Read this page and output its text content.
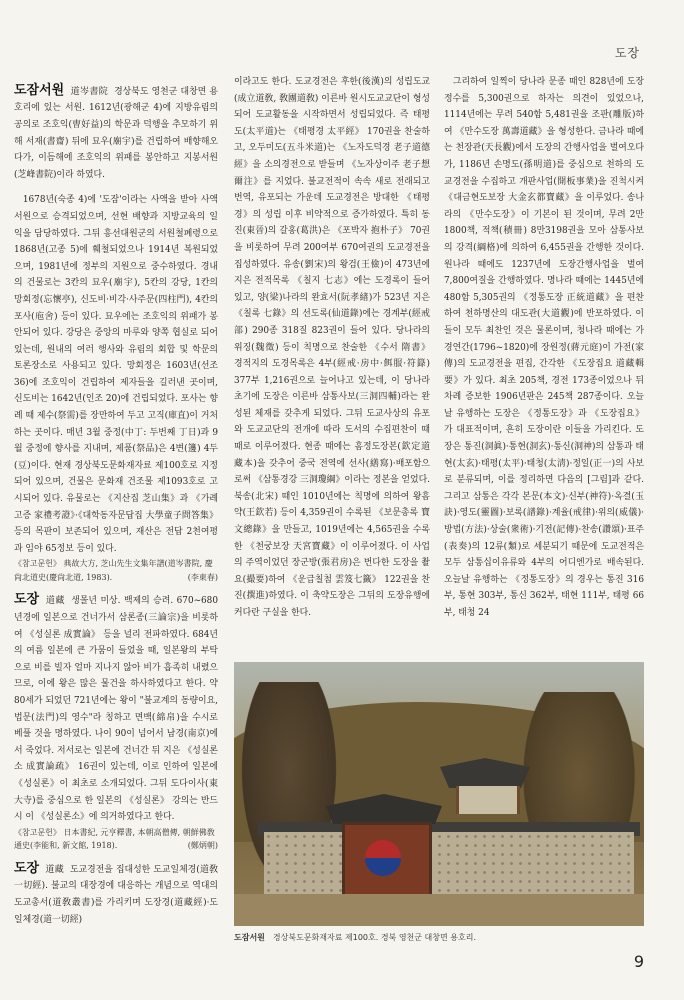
도장

도잠서원 道岑書院 경상북도 영천군 대창면 용호리에 있는 서원. 1612년(광해군 4)에 지방유림의 공의로 조호익(曺好益)의 학문과 덕행을 추모하기 위해 서재(書齋) 뒤에 묘우(廟宇)를 건립하여 배향해오다가, 이듬해에 조호익의 위패를 봉안하고 지봉서원(芝峰書院)이라 하였다.

1678년(숙종 4)에 '도잠'이라는 사액을 받아 사액서원으로 승격되었으며, 선현 배향과 지방교육의 일익을 담당하였다. 그뒤 흥선대원군의 서원철폐령으로 1868년(고종 5)에 훼철되었으나 1914년 복원되었으며, 1981년에 정부의 지원으로 중수하였다. 경내의 건물로는 3칸의 묘우(廟宇), 5칸의 강당, 1칸의 망회정(忘懷亭), 신도비·비각·사주문(四柱門), 4칸의 포사(庖舍) 등이 있다. 묘우에는 조호익의 위패가 봉안되어 있다. 강당은 중앙의 마루와 양쪽 협실로 되어 있는데, 원내의 여러 행사와 유림의 회합 및 학문의 토론장소로 사용되고 있다. 망회정은 1603년(선조 36)에 조호익이 건립하여 제자들을 길러낸 곳이며, 신도비는 1642년(인조 20)에 건립되었다. 포사는 향례 때 제수(祭需)를 장만하여 두고 고직(庫直)이 거처하는 곳이다. 매년 3월 중정(中丁: 두번째 丁日)과 9월 중정에 향사를 지내며, 제품(祭品)은 4변(籩) 4두(豆)이다. 현재 경상북도문화재자료 제100호로 지정되어 있으며, 건물은 문화재 건조물 제1093호로 고시되어 있다. 유물로는 《지산집 芝山集》과 《가례고증 家禮考證》·《대학동자문답집 大學童子問答集》 등의 목판이 보존되어 있으며, 재산은 전답 2천여평과 임야 65정보 등이 있다.

《참고문헌》 典故大方, 芝山先生文集年譜(道岑書院, 慶尙北道史(慶尙北道, 1983).	(李東春)

도장 道藏 생몰년 미상. 백제의 승려. 670~680년경에 일본으로 건너가서 삼론종(三論宗)을 비롯하여 《성실론 成實論》 등을 널리 전파하였다. 684년의 여름 일본에 큰 가뭄이 들었을 때, 일본왕의 부탁으로 비를 빌자 얼마 지나지 않아 비가 흡족히 내렸으므로, 이에 왕은 많은 물건을 하사하였다고 한다. 약 80세가 되었던 721년에는 왕이 "불교계의 동량이요, 법문(法門)의 영수"라 칭하고 면백(綿帛)을 수시로 베풀 것을 명하였다. 나이 90이 넘어서 남경(南京)에서 죽었다. 저서로는 일본에 건너간 뒤 지은 《성실론소 成實論疏》 16권이 있는데, 이로 인하여 일본에 《성실론》이 최초로 소개되었다. 그뒤 도다이사(東大寺)를 중심으로 한 일본의 《성실론》 강의는 반드시 이 《성실론소》에 의거하였다고 한다.

《참고문헌》 日本書紀, 元亨釋書, 本朝高僧傳, 朝鮮佛敎通史(李能和, 新文館, 1918).	(鄭炳朝)

도장 道藏 도교경전을 집대성한 도교일체경(道敎一切經). 불교의 대장경에 대응하는 개념으로 역대의 도교총서(道敎叢書)를 가리키며 도장경(道藏經)·도일체경(道一切經)

이라고도 한다. 도교경전은 후한(後漢)의 성립도교(成立道敎, 敎團道敎) 이른바 원시도교교단이 형성되어 도교활동을 시작하면서 성립되었다. 즉 태평도(太平道)는 《태평경 太平經》 170권을 찬술하고, 오두미도(五斗米道)는 《노자도덕경 老子道德經》을 소의경전으로 받들며 《노자상이주 老子想爾注》를 지었다. 불교전적이 속속 새로 전래되고 번역, 유포되는 가운데 도교경전은 방대한 《태평경》의 성립 이후 비약적으로 증가하였다. 특히 동진(東晉)의 갈홍(葛洪)은 《포박자 抱朴子》 70권을 비롯하여 무려 200여부 670여권의 도교경전을 집성하였다. 유송(劉宋)의 왕검(王儉)이 473년에 지은 전적목록 《칠지 七志》에는 도경록이 들어 있고, 양(梁)나라의 완효서(阮孝緖)가 523년 지은 《칠록 七錄》의 선도록(仙道錄)에는 경계부(經戒部) 290종 318질 823권이 들어 있다. 당나라의 위징(魏徵) 등이 칙명으로 찬술한 《수서 隋書》 경적지의 도경목록은 4부(經戒·房中·餌服·符籙) 377부 1,216권으로 늘어나고 있는데, 이 당나라 초기에 도장은 이른바 삼통사보(三洞四輔)라는 완성된 체재를 갖추게 되었다. 그뒤 도교사상의 유포와 도교교단의 전개에 따라 도서의 수집편찬이 때때로 이루어졌다. 현종 때에는 흠정도장본(欽定道藏本)을 갖추어 중국 전역에 선사(繕寫)·배포함으로써 《삼통경강 三洞瓊綱》이라는 정본을 얻었다. 북송(北宋) 때인 1010년에는 칙명에 의하여 왕흠약(王欽若) 등이 4,359권이 수록된 《보문총록 寶文總錄》을 만들고, 1019년에는 4,565권을 수록한 《천궁보장 天宮寶藏》이 이루어졌다. 이 사업의 주역이었던 장군방(張君房)은 번다한 도장을 촬요(撮要)하여 《운급칠첨 雲笈七籤》 122권을 찬진(撰進)하였다. 이 축약도장은 그뒤의 도장유행에 커다란 구실을 한다.

그리하여 일찍이 당나라 문종 때인 828년에 도장정수를 5,300권으로 하자는 의견이 있었으나, 1114년에는 무려 540함 5,481권을 조판(雕版)하여 《만수도장 萬壽道藏》을 형성한다. 금나라 때에는 천장관(天長觀)에서 도장의 간행사업을 벌여오다가, 1186년 손명도(孫明道)를 중심으로 천하의 도교경전을 수집하고 개판사업(開板事業)을 진척시켜 《대금현도보장 大金玄都寶藏》을 이루었다. 송나라의 《만수도장》이 기본이 된 것이며, 무려 2만1800책, 적책(積冊) 8만3198권을 모아 삼통사보의 강격(綱格)에 의하여 6,455권을 간행한 것이다. 원나라 때에도 1237년에 도장간행사업을 벌여 7,800여질을 간행하였다. 명나라 때에는 1445년에 480함 5,305권의 《정통도장 正統道藏》을 편찬하여 천하명산의 대도관(大道觀)에 반포하였다. 이들이 모두 최찬인 것은 물론이며, 청나라 때에는 가경연간(1796~1820)에 장원정(蔣元庭)이 가전(家傳)의 도교경전을 편집, 간각한 《도장집요 道藏輯要》가 있다. 최초 205책, 경전 173종이었으나 뒤 차례 증보한 1906년판은 245책 287종이다. 오늘날 유행하는 도장은 《정통도장》과 《도장집요》가 대표적이며, 흔히 도장이란 이들을 가리킨다. 도장은 통진(洞眞)·통현(洞玄)·통신(洞神)의 삼통과 태현(太玄)·태평(太平)·태청(太淸)·정일(正一)의 사보로 분류되며, 이를 정리하면 다음의 [그림]과 같다. 그리고 삼통은 각각 본문(本文)·신부(神符)·옥결(玉訣)·영도(靈圖)·보록(譜錄)·계율(戒律)·위의(威儀)·방법(方法)·상술(衆術)·기전(記傳)·찬송(讚頌)·표주(表奏)의 12류(類)로 세분되기 때문에 도교전적은 모두 삼통십이유류와 4부의 어디엔가로 배속된다. 오늘날 유행하는 《정통도장》의 경우는 통진 316부, 통현 303부, 통신 362부, 태현 111부, 태평 66부, 태청 24

도잠서원 경상북도문화재자료 제100호. 경북 영천군 대창면 용호리.
9
